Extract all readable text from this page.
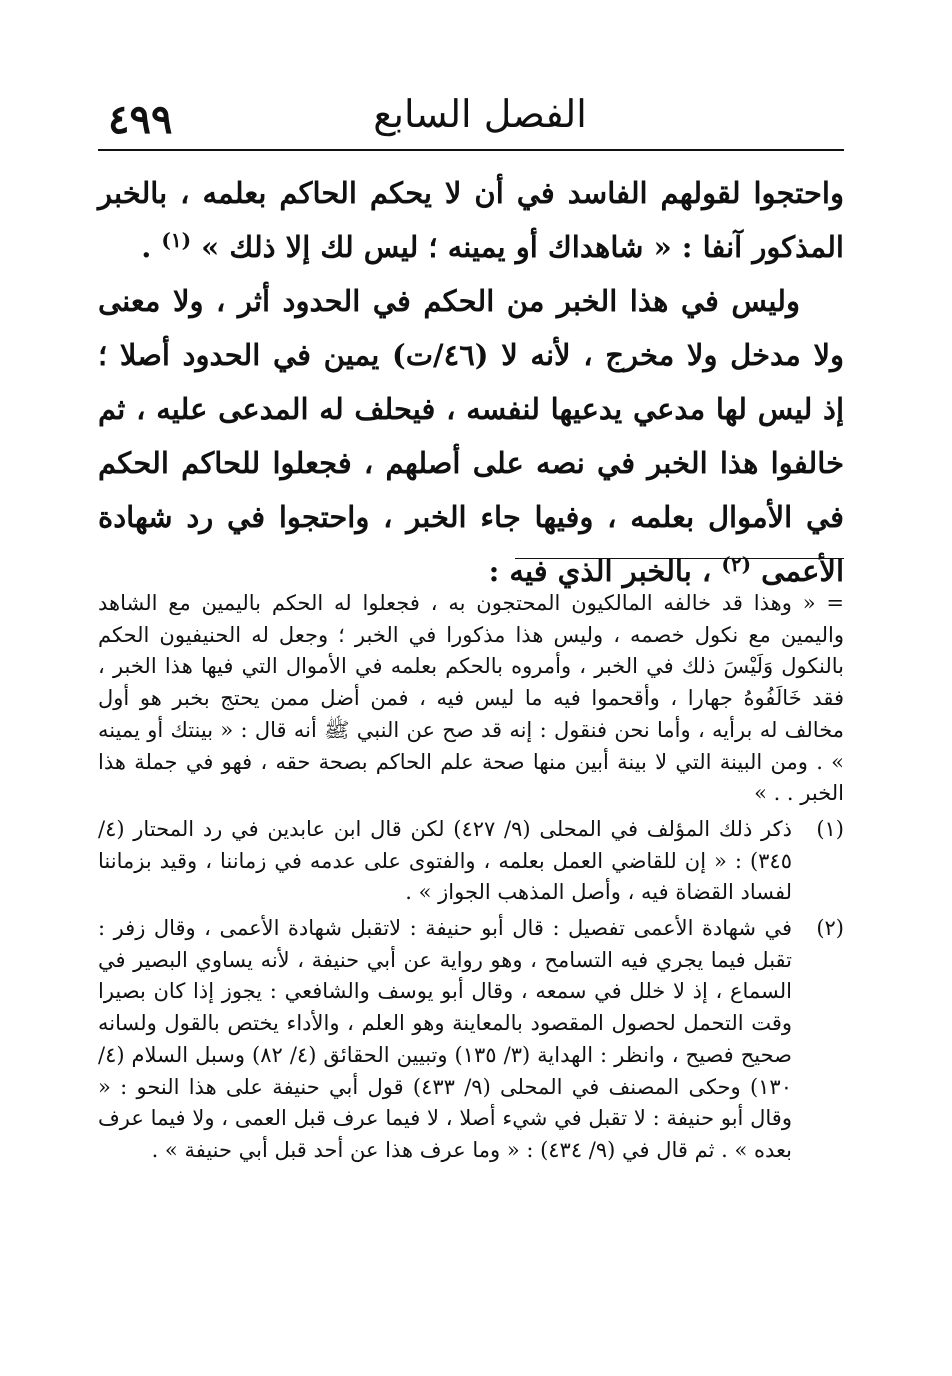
٤٩٩	الفصل السابع

واحتجوا لقولهم الفاسد في أن لا يحكم الحاكم بعلمه ، بالخبر المذكور آنفا : « شاهداك أو يمينه ؛ ليس لك إلا ذلك » $^{(١)}$ .

وليس في هذا الخبر من الحكم في الحدود أثر ، ولا معنى ولا مدخل ولا مخرج ، لأنه لا (٤٦/ت) يمين في الحدود أصلا ؛ إذ ليس لها مدعي يدعيها لنفسه ، فيحلف له المدعى عليه ، ثم خالفوا هذا الخبر في نصه على أصلهم ، فجعلوا للحاكم الحكم في الأموال بعلمه ، وفيها جاء الخبر ، واحتجوا في رد شهادة الأعمى $^{(٢)}$ ، بالخبر الذي فيه :

= « وهذا قد خالفه المالكيون المحتجون به ، فجعلوا له الحكم باليمين مع الشاهد واليمين مع نكول خصمه ، وليس هذا مذكورا في الخبر ؛ وجعل له الحنيفيون الحكم بالنكول وَلَيْسَ ذلك في الخبر ، وأمروه بالحكم بعلمه في الأموال التي فيها هذا الخبر ، فقد خَالَفُوهُ جهارا ، وأقحموا فيه ما ليس فيه ، فمن أضل ممن يحتج بخبر هو أول مخالف له برأيه ، وأما نحن فنقول : إنه قد صح عن النبي ﷺ أنه قال : « بينتك أو يمينه » . ومن البينة التي لا بينة أبين منها صحة علم الحاكم بصحة حقه ، فهو في جملة هذا الخبر . . »

(١)
ذكر ذلك المؤلف في المحلى (٩/ ٤٢٧) لكن قال ابن عابدين في رد المحتار (٤/ ٣٤٥) : « إن للقاضي العمل بعلمه ، والفتوى على عدمه في زماننا ، وقيد بزماننا لفساد القضاة فيه ، وأصل المذهب الجواز » .
(٢)
في شهادة الأعمى تفصيل : قال أبو حنيفة : لاتقبل شهادة الأعمى ، وقال زفر : تقبل فيما يجري فيه التسامح ، وهو رواية عن أبي حنيفة ، لأنه يساوي البصير في السماع ، إذ لا خلل في سمعه ، وقال أبو يوسف والشافعي : يجوز إذا كان بصيرا وقت التحمل لحصول المقصود بالمعاينة وهو العلم ، والأداء يختص بالقول ولسانه صحيح فصيح ، وانظر : الهداية (٣/ ١٣٥) وتبيين الحقائق (٤/ ٨٢) وسبل السلام (٤/ ١٣٠) وحكى المصنف في المحلى (٩/ ٤٣٣) قول أبي حنيفة على هذا النحو : « وقال أبو حنيفة : لا تقبل في شيء أصلا ، لا فيما عرف قبل العمى ، ولا فيما عرف بعده » . ثم قال في (٩/ ٤٣٤) : « وما عرف هذا عن أحد قبل أبي حنيفة » .
